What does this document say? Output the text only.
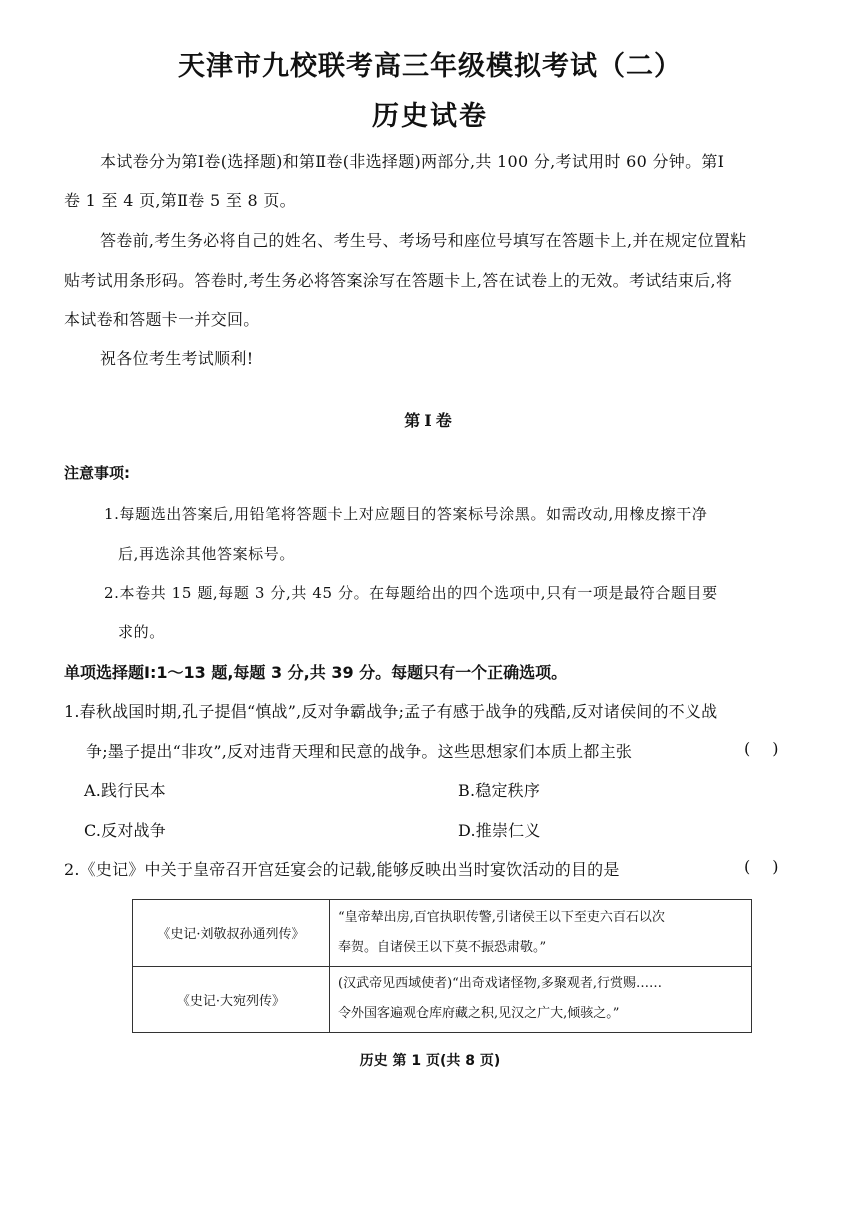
天津市九校联考高三年级模拟考试（二）
历史试卷
本试卷分为第Ⅰ卷(选择题)和第Ⅱ卷(非选择题)两部分,共 100 分,考试用时 60 分钟。第Ⅰ
卷 1 至 4 页,第Ⅱ卷 5 至 8 页。
答卷前,考生务必将自己的姓名、考生号、考场号和座位号填写在答题卡上,并在规定位置粘
贴考试用条形码。答卷时,考生务必将答案涂写在答题卡上,答在试卷上的无效。考试结束后,将
本试卷和答题卡一并交回。
祝各位考生考试顺利!
第Ⅰ卷
注意事项:
1.每题选出答案后,用铅笔将答题卡上对应题目的答案标号涂黑。如需改动,用橡皮擦干净
后,再选涂其他答案标号。
2.本卷共 15 题,每题 3 分,共 45 分。在每题给出的四个选项中,只有一项是最符合题目要
求的。
单项选择题Ⅰ:1～13 题,每题 3 分,共 39 分。每题只有一个正确选项。
1.春秋战国时期,孔子提倡“慎战”,反对争霸战争;孟子有感于战争的残酷,反对诸侯间的不义战
争;墨子提出“非攻”,反对违背天理和民意的战争。这些思想家们本质上都主张	()
A.践行民本	B.稳定秩序
C.反对战争	D.推崇仁义
2.《史记》中关于皇帝召开宫廷宴会的记载,能够反映出当时宴饮活动的目的是	()
《史记·刘敬叔孙通列传》	“皇帝辇出房,百官执职传警,引诸侯王以下至吏六百石以次
奉贺。自诸侯王以下莫不振恐肃敬。”

《史记·大宛列传》	(汉武帝见西域使者)“出奇戏诸怪物,多聚观者,行赏赐……
令外国客遍观仓库府藏之积,见汉之广大,倾骇之。”
历史 第 1 页(共 8 页)
